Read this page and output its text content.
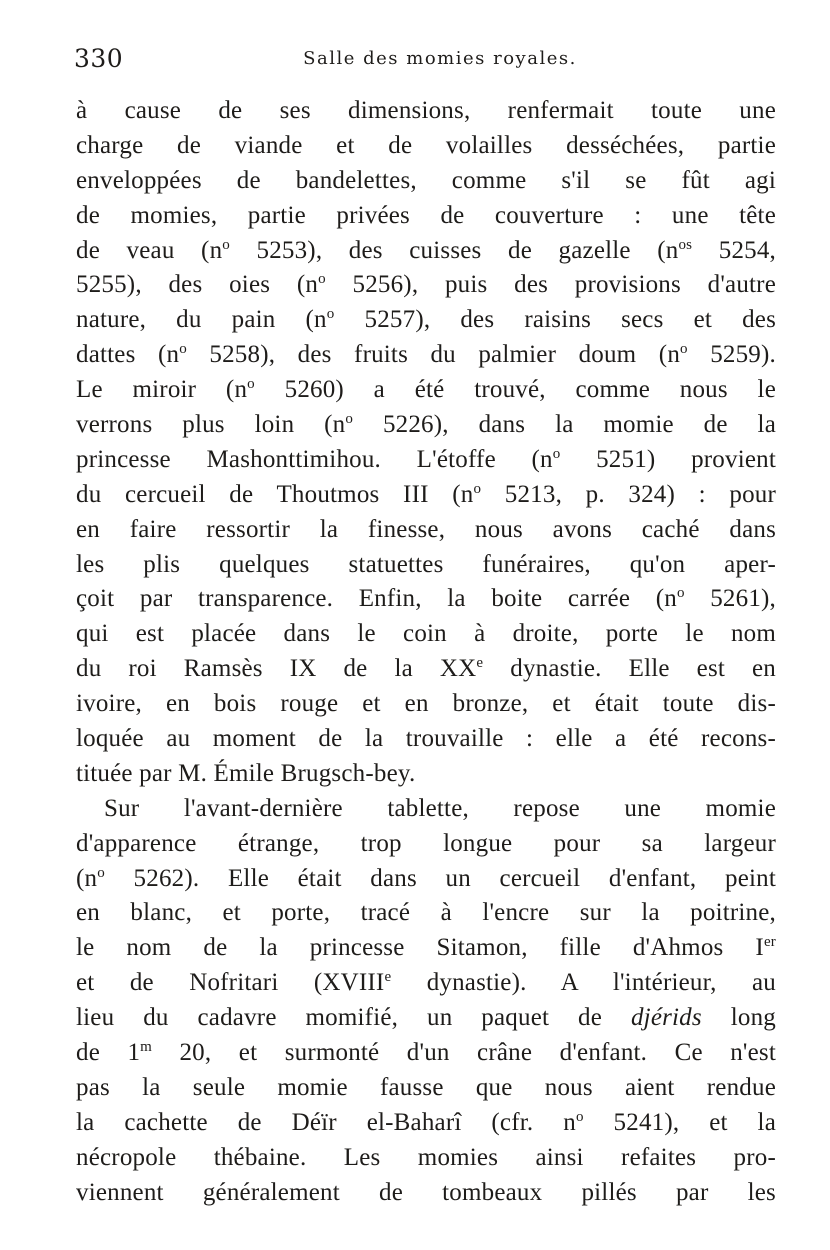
330	Salle des momies royales.
à cause de ses dimensions, renfermait toute une
charge de viande et de volailles desséchées, partie
enveloppées de bandelettes, comme s'il se fût agi
de momies, partie privées de couverture : une tête
de veau ($n^o$ 5253), des cuisses de gazelle ($n^{os}$ 5254,
5255), des oies ($n^o$ 5256), puis des provisions d'autre
nature, du pain ($n^o$ 5257), des raisins secs et des
dattes ($n^o$ 5258), des fruits du palmier doum ($n^o$ 5259).
Le miroir ($n^o$ 5260) a été trouvé, comme nous le
verrons plus loin ($n^o$ 5226), dans la momie de la
princesse Mashonttimihou. L'étoffe ($n^o$ 5251) provient
du cercueil de Thoutmos III ($n^o$ 5213, p. 324) : pour
en faire ressortir la finesse, nous avons caché dans
les plis quelques statuettes funéraires, qu'on aper-
çoit par transparence. Enfin, la boite carrée ($n^o$ 5261),
qui est placée dans le coin à droite, porte le nom
du roi Ramsès IX de la XXe dynastie. Elle est en
ivoire, en bois rouge et en bronze, et était toute dis-
loquée au moment de la trouvaille : elle a été recons-
tituée par M. Émile Brugsch-bey.
Sur l'avant-dernière tablette, repose une momie
d'apparence étrange, trop longue pour sa largeur
($n^o$ 5262). Elle était dans un cercueil d'enfant, peint
en blanc, et porte, tracé à l'encre sur la poitrine,
le nom de la princesse Sitamon, fille d'Ahmos Ier
et de Nofritari (XVIIIe dynastie). A l'intérieur, au
lieu du cadavre momifié, un paquet de djérids long
de 1$^m$ 20, et surmonté d'un crâne d'enfant. Ce n'est
pas la seule momie fausse que nous aient rendue
la cachette de Déïr el-Baharî (cfr. $n^o$ 5241), et la
nécropole thébaine. Les momies ainsi refaites pro-
viennent généralement de tombeaux pillés par les
